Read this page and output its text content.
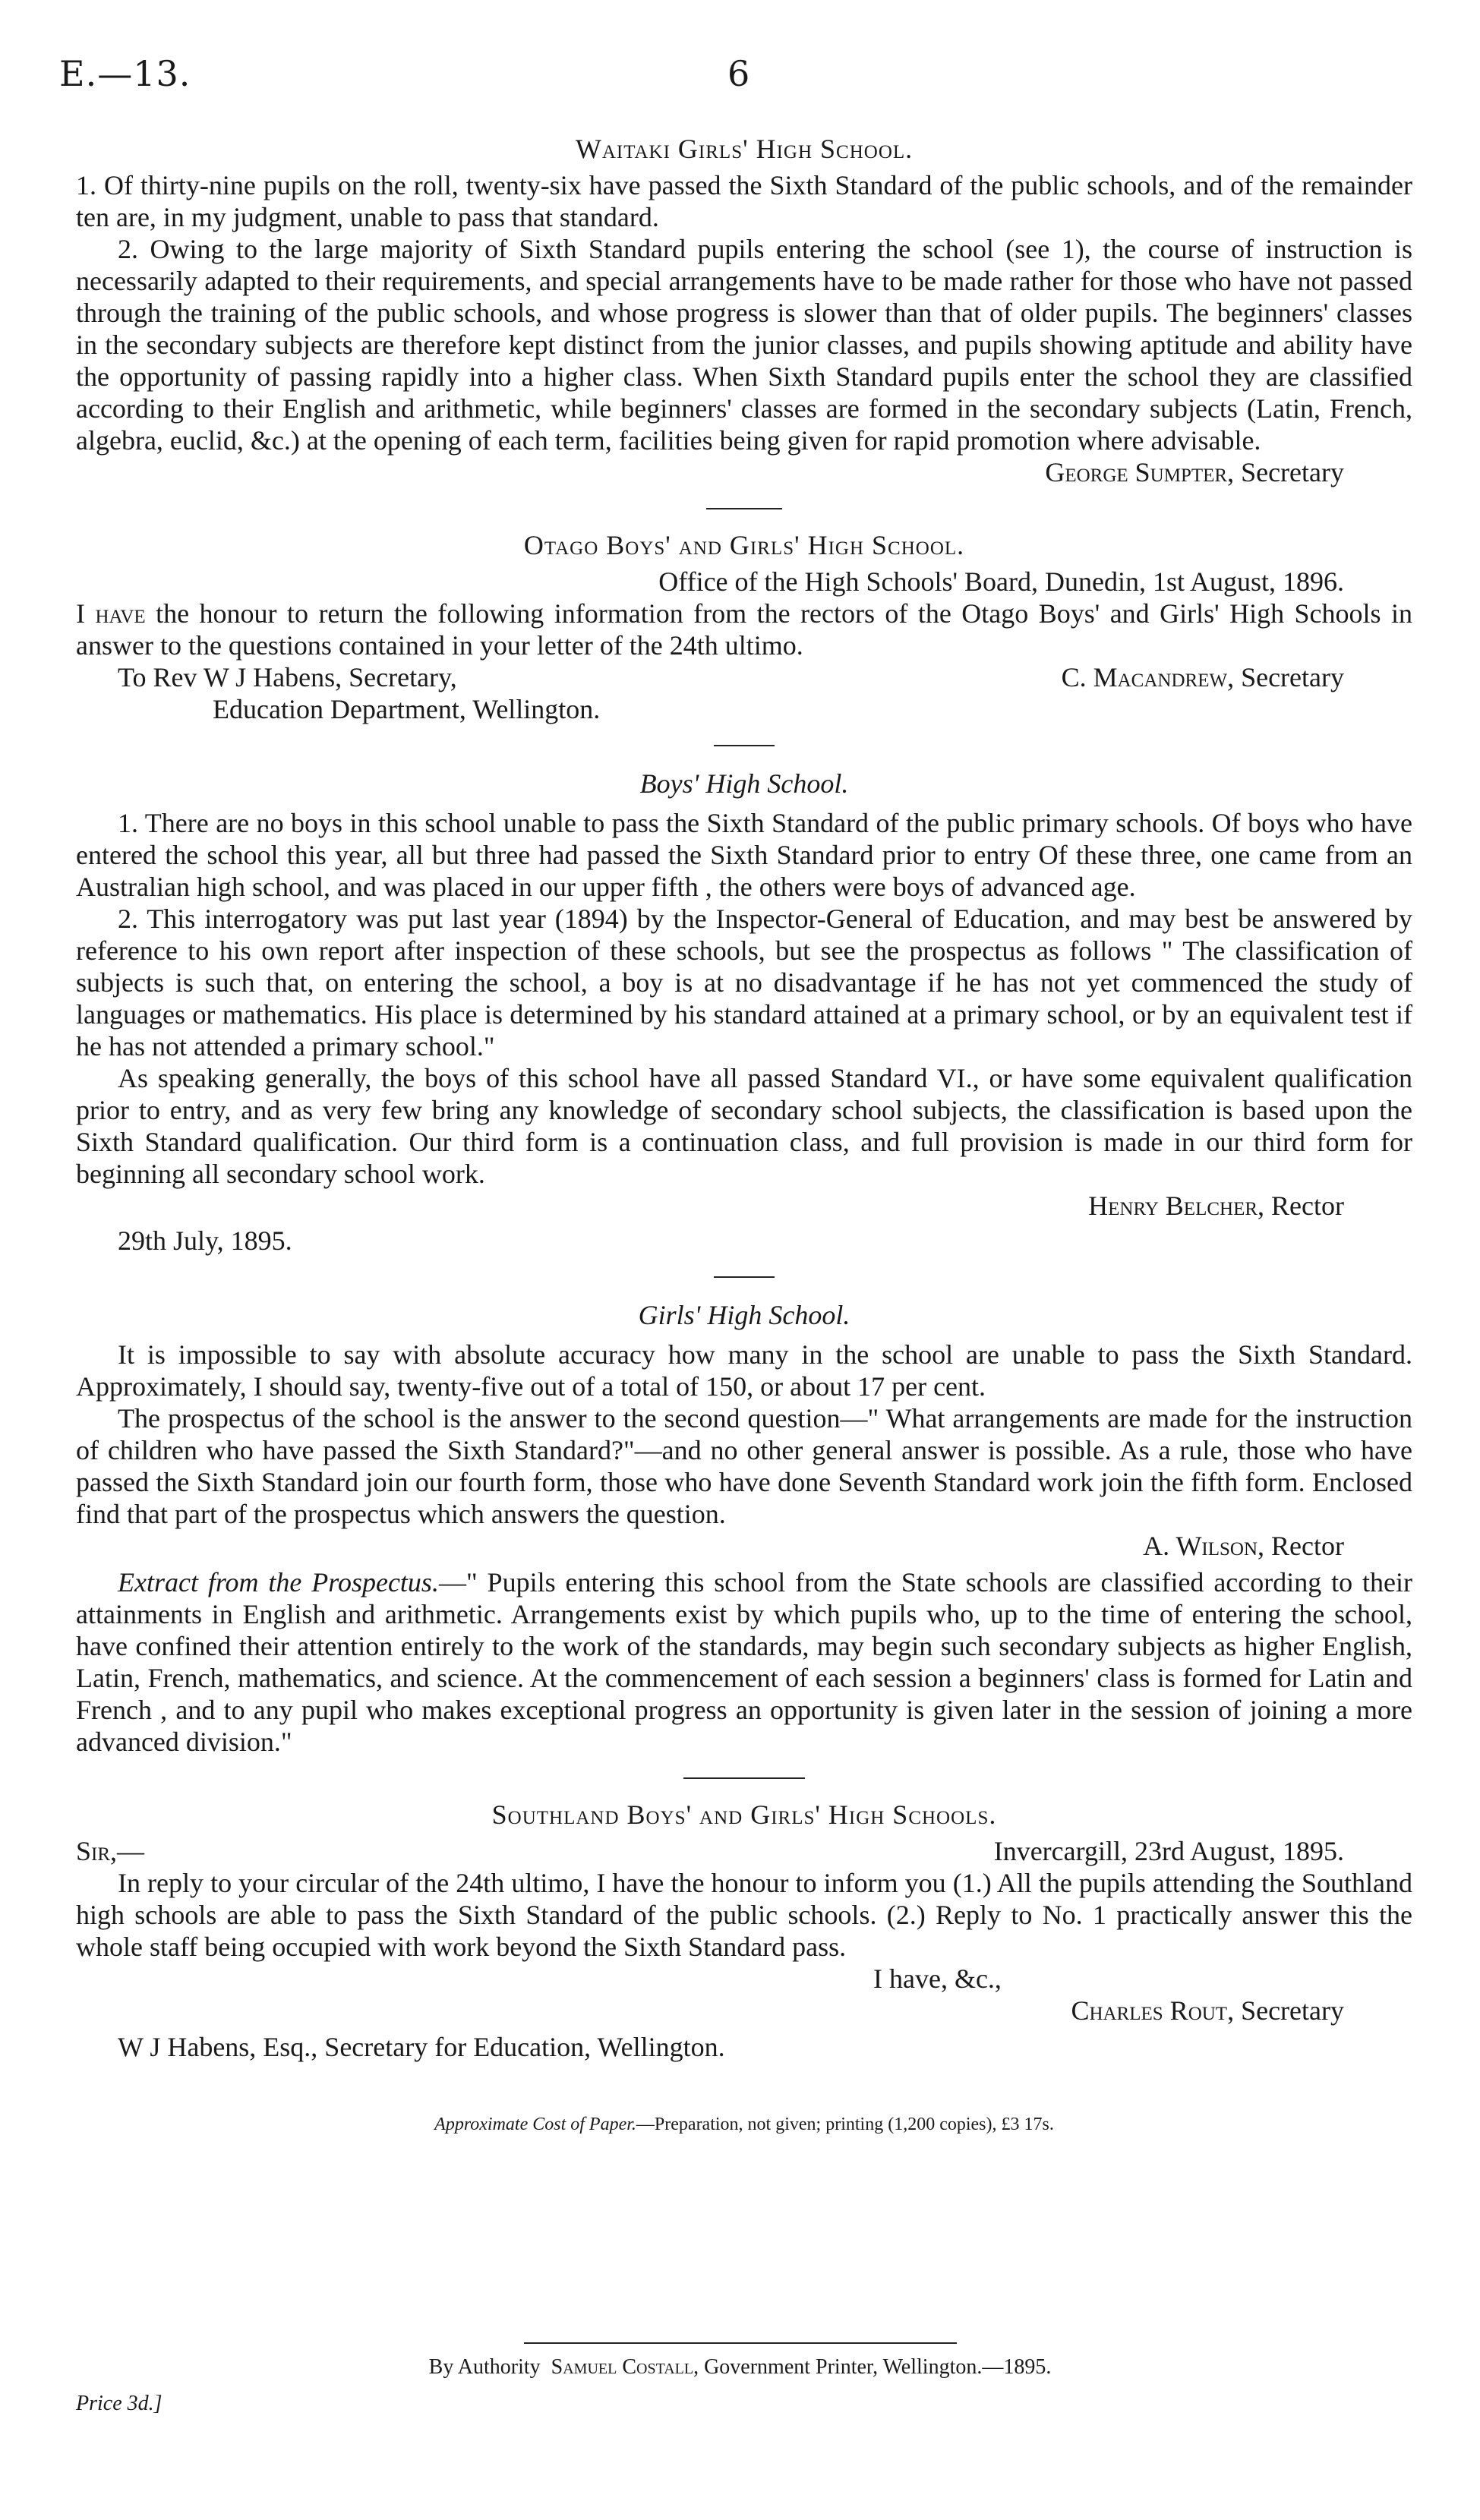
E.—13.	6
Waitaki Girls' High School.

1. Of thirty-nine pupils on the roll, twenty-six have passed the Sixth Standard of the public schools, and of the remainder ten are, in my judgment, unable to pass that standard.

2. Owing to the large majority of Sixth Standard pupils entering the school (see 1), the course of instruction is necessarily adapted to their requirements, and special arrangements have to be made rather for those who have not passed through the training of the public schools, and whose progress is slower than that of older pupils. The beginners' classes in the secondary subjects are therefore kept distinct from the junior classes, and pupils showing aptitude and ability have the opportunity of passing rapidly into a higher class. When Sixth Standard pupils enter the school they are classified according to their English and arithmetic, while beginners' classes are formed in the secondary subjects (Latin, French, algebra, euclid, &c.) at the opening of each term, facilities being given for rapid promotion where advisable.

George Sumpter, Secretary
Otago Boys' and Girls' High School.
Office of the High Schools' Board, Dunedin, 1st August, 1896.

I have the honour to return the following information from the rectors of the Otago Boys' and Girls' High Schools in answer to the questions contained in your letter of the 24th ultimo.

To Rev W J Habens, Secretary,	C. Macandrew, Secretary
Education Department, Wellington.
Boys' High School.

1. There are no boys in this school unable to pass the Sixth Standard of the public primary schools. Of boys who have entered the school this year, all but three had passed the Sixth Standard prior to entry Of these three, one came from an Australian high school, and was placed in our upper fifth , the others were boys of advanced age.

2. This interrogatory was put last year (1894) by the Inspector-General of Education, and may best be answered by reference to his own report after inspection of these schools, but see the prospectus as follows " The classification of subjects is such that, on entering the school, a boy is at no disadvantage if he has not yet commenced the study of languages or mathematics. His place is determined by his standard attained at a primary school, or by an equivalent test if he has not attended a primary school."

As speaking generally, the boys of this school have all passed Standard VI., or have some equivalent qualification prior to entry, and as very few bring any knowledge of secondary school subjects, the classification is based upon the Sixth Standard qualification. Our third form is a continuation class, and full provision is made in our third form for beginning all secondary school work.

Henry Belcher, Rector
29th July, 1895.
Girls' High School.

It is impossible to say with absolute accuracy how many in the school are unable to pass the Sixth Standard. Approximately, I should say, twenty-five out of a total of 150, or about 17 per cent.

The prospectus of the school is the answer to the second question—" What arrangements are made for the instruction of children who have passed the Sixth Standard?"—and no other general answer is possible. As a rule, those who have passed the Sixth Standard join our fourth form, those who have done Seventh Standard work join the fifth form. Enclosed find that part of the prospectus which answers the question.

A. Wilson, Rector

Extract from the Prospectus.—" Pupils entering this school from the State schools are classified according to their attainments in English and arithmetic. Arrangements exist by which pupils who, up to the time of entering the school, have confined their attention entirely to the work of the standards, may begin such secondary subjects as higher English, Latin, French, mathematics, and science. At the commencement of each session a beginners' class is formed for Latin and French , and to any pupil who makes exceptional progress an opportunity is given later in the session of joining a more advanced division."

Southland Boys' and Girls' High Schools.
Sir,—	Invercargill, 23rd August, 1895.

In reply to your circular of the 24th ultimo, I have the honour to inform you (1.) All the pupils attending the Southland high schools are able to pass the Sixth Standard of the public schools. (2.) Reply to No. 1 practically answer this the whole staff being occupied with work beyond the Sixth Standard pass.

I have, &c.,
Charles Rout, Secretary
W J Habens, Esq., Secretary for Education, Wellington.
Approximate Cost of Paper.—Preparation, not given; printing (1,200 copies), £3 17s.
By Authority Samuel Costall, Government Printer, Wellington.—1895.
Price 3d.]
